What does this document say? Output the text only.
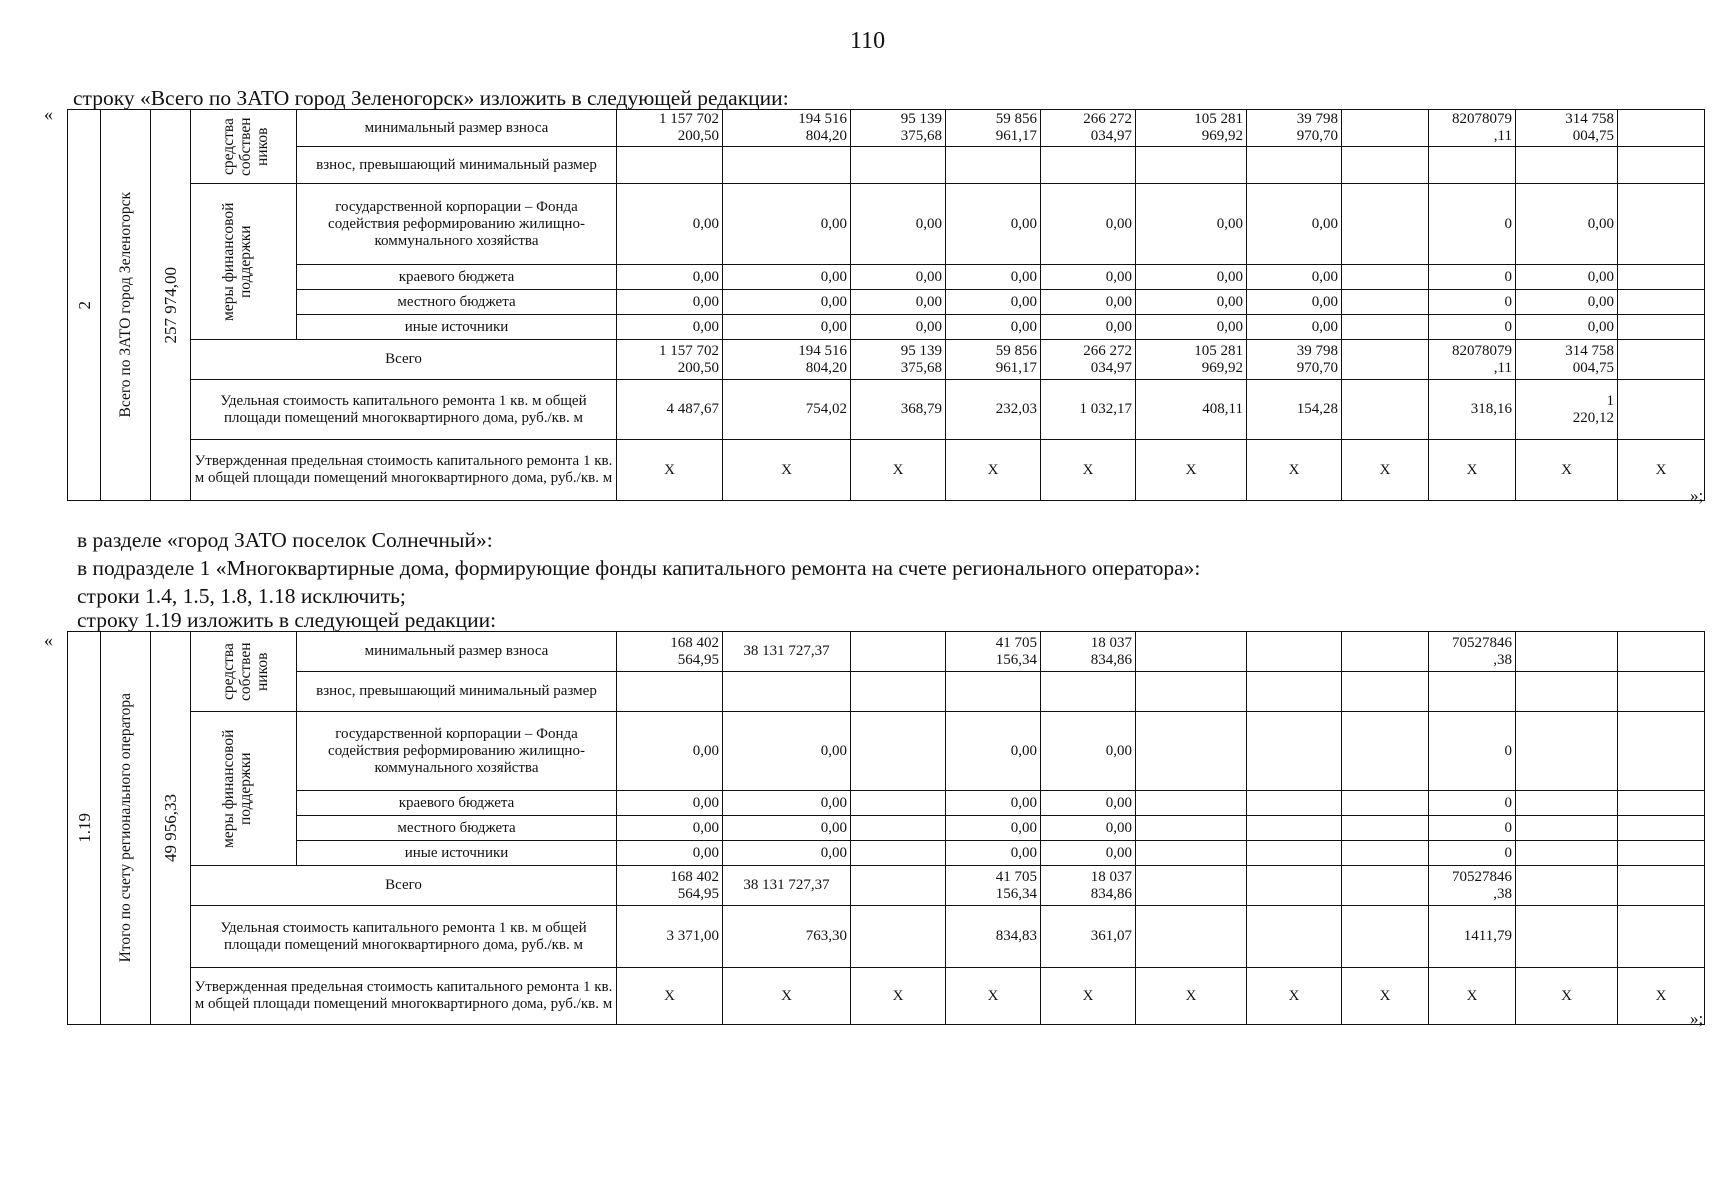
110
строку «Всего по ЗАТО город Зеленогорск» изложить в следующей редакции:
«
«
»;
»;
2	Всего по ЗАТО город Зеленогорск	257 974,00	средства собствен ников	минимальный размер взноса	1 157 702
200,50	194 516
804,20	95 139
375,68	59 856
961,17	266 272
034,97	105 281
969,92	39 798
970,70		82078079
,11	314 758
004,75	

				взнос, превышающий минимальный размер											

			меры финансовой поддержки	государственной корпорации – Фонда содействия реформированию жилищно-коммунального хозяйства	0,00	0,00	0,00	0,00	0,00	0,00	0,00		0	0,00	
				краевого бюджета	0,00	0,00	0,00	0,00	0,00	0,00	0,00		0	0,00	
				местного бюджета	0,00	0,00	0,00	0,00	0,00	0,00	0,00		0	0,00	
				иные источники	0,00	0,00	0,00	0,00	0,00	0,00	0,00		0	0,00	
			Всего		1 157 702
200,50	194 516
804,20	95 139
375,68	59 856
961,17	266 272
034,97	105 281
969,92	39 798
970,70		82078079
,11	314 758
004,75	

			Удельная стоимость капитального ремонта 1 кв. м общей площади помещений многоквартирного дома, руб./кв. м		4 487,67	754,02	368,79	232,03	1 032,17	408,11	154,28		318,16	1
220,12	

			Утвержденная предельная стоимость капитального ремонта 1 кв. м общей площади помещений многоквартирного дома, руб./кв. м		Х	Х	Х	Х	Х	Х	Х	Х	Х	Х	Х
в разделе «город ЗАТО поселок Солнечный»:
в подразделе 1 «Многоквартирные дома, формирующие фонды капитального ремонта на счете регионального оператора»:
строки 1.4, 1.5, 1.8, 1.18 исключить;
строку 1.19 изложить в следующей редакции:
1.19	Итого по счету регионального оператора	49 956,33	средства собствен ников	минимальный размер взноса	168 402
564,95	38 131 727,37		41 705
156,34	18 037
834,86				70527846
,38		

				взнос, превышающий минимальный размер											

			меры финансовой поддержки	государственной корпорации – Фонда содействия реформированию жилищно-коммунального хозяйства	0,00	0,00		0,00	0,00				0		
				краевого бюджета	0,00	0,00		0,00	0,00				0		
				местного бюджета	0,00	0,00		0,00	0,00				0		
				иные источники	0,00	0,00		0,00	0,00				0		
			Всего		168 402
564,95	38 131 727,37		41 705
156,34	18 037
834,86				70527846
,38		

			Удельная стоимость капитального ремонта 1 кв. м общей площади помещений многоквартирного дома, руб./кв. м		3 371,00	763,30		834,83	361,07				1411,79		
			Утвержденная предельная стоимость капитального ремонта 1 кв. м общей площади помещений многоквартирного дома, руб./кв. м		Х	Х	Х	Х	Х	Х	Х	Х	Х	Х	Х
